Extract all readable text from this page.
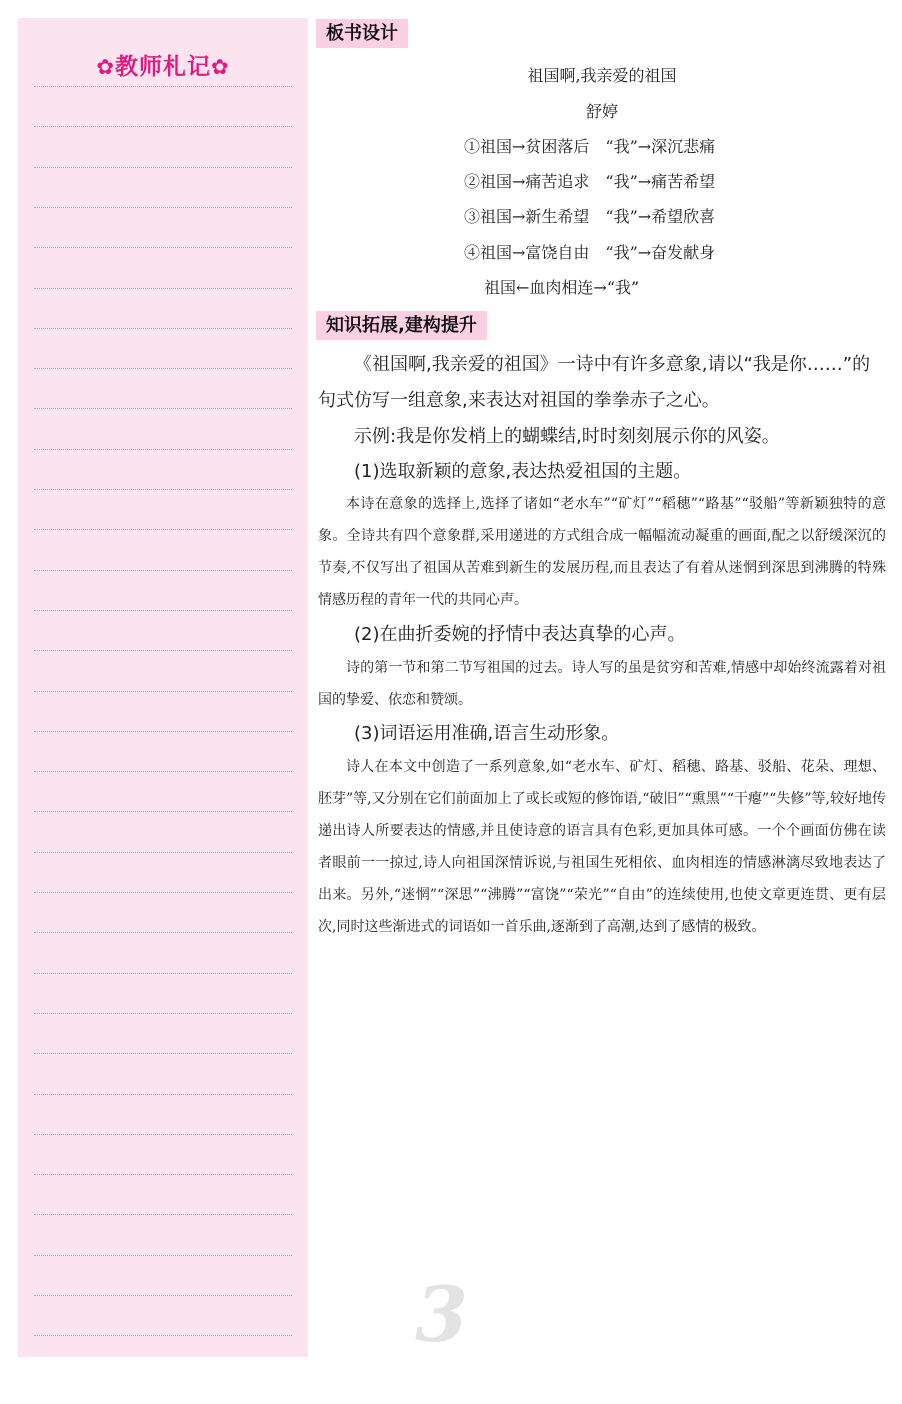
✿教师札记✿
板书设计
祖国啊,我亲爱的祖国
舒婷
①祖国→贫困落后　“我”→深沉悲痛
②祖国→痛苦追求　“我”→痛苦希望
③祖国→新生希望　“我”→希望欣喜
④祖国→富饶自由　“我”→奋发献身
祖国←血肉相连→“我”
知识拓展,建构提升

《祖国啊,我亲爱的祖国》一诗中有许多意象,请以“我是你……”的句式仿写一组意象,来表达对祖国的拳拳赤子之心。

示例:我是你发梢上的蝴蝶结,时时刻刻展示你的风姿。

(1)选取新颖的意象,表达热爱祖国的主题。

本诗在意象的选择上,选择了诸如“老水车”“矿灯”“稻穗”“路基”“驳船”等新颖独特的意象。全诗共有四个意象群,采用递进的方式组合成一幅幅流动凝重的画面,配之以舒缓深沉的节奏,不仅写出了祖国从苦难到新生的发展历程,而且表达了有着从迷惘到深思到沸腾的特殊情感历程的青年一代的共同心声。

(2)在曲折委婉的抒情中表达真挚的心声。

诗的第一节和第二节写祖国的过去。诗人写的虽是贫穷和苦难,情感中却始终流露着对祖国的挚爱、依恋和赞颂。

(3)词语运用准确,语言生动形象。

诗人在本文中创造了一系列意象,如“老水车、矿灯、稻穗、路基、驳船、花朵、理想、胚芽”等,又分别在它们前面加上了或长或短的修饰语,“破旧”“熏黑”“干瘪”“失修”等,较好地传递出诗人所要表达的情感,并且使诗意的语言具有色彩,更加具体可感。一个个画面仿佛在读者眼前一一掠过,诗人向祖国深情诉说,与祖国生死相依、血肉相连的情感淋漓尽致地表达了出来。另外,“迷惘”“深思”“沸腾”“富饶”“荣光”“自由”的连续使用,也使文章更连贯、更有层次,同时这些渐进式的词语如一首乐曲,逐渐到了高潮,达到了感情的极致。

3
